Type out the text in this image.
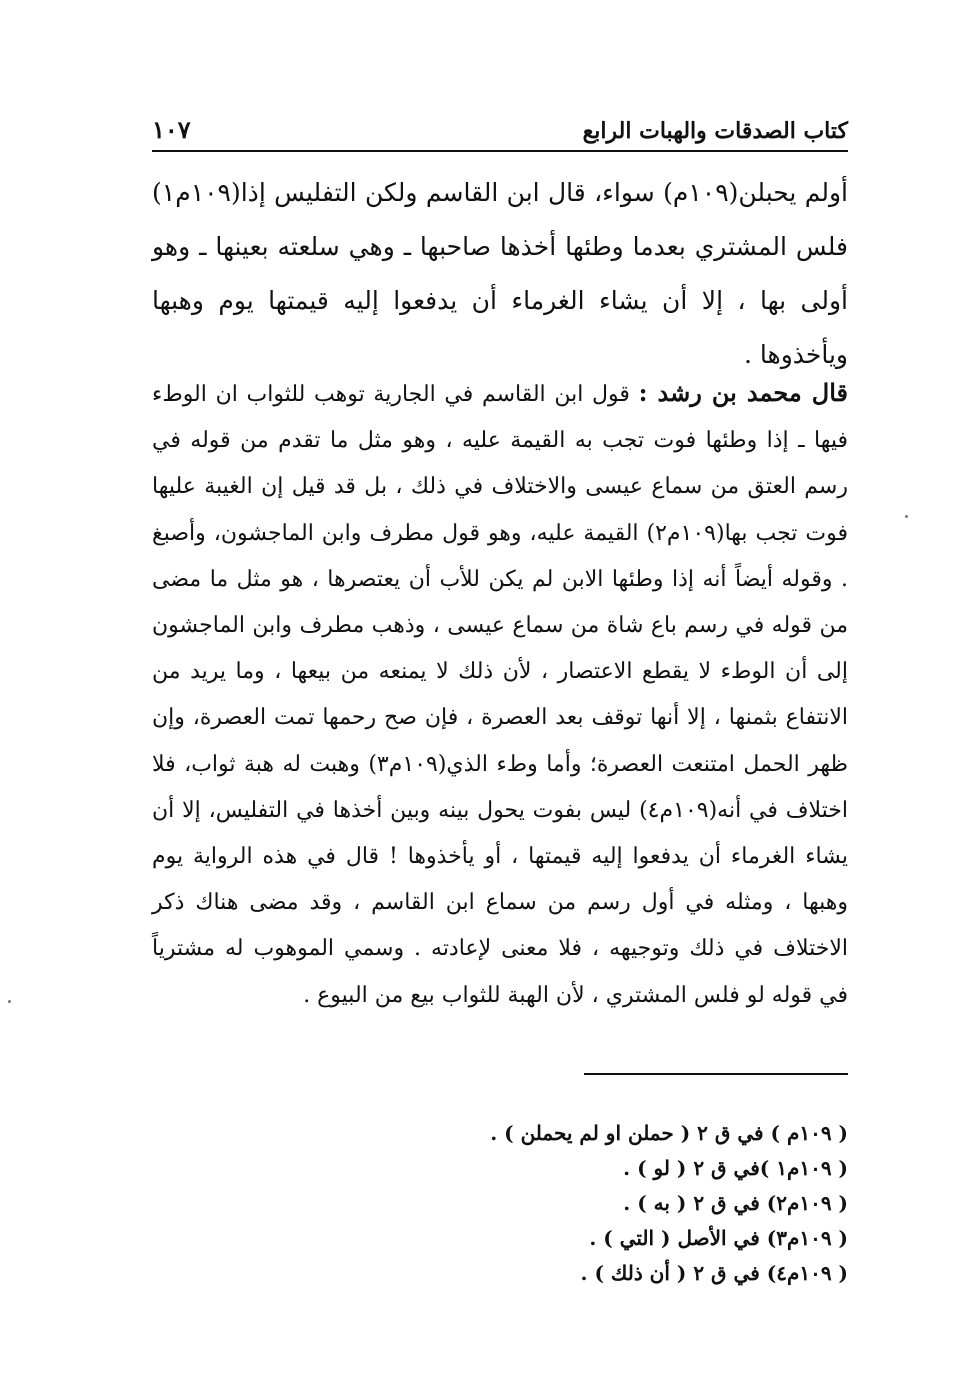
كتاب الصدقات والهبات الرابع
١٠٧
أولم يحبلن(١٠٩م) سواء، قال ابن القاسم ولكن التفليس إذا(١٠٩م١) فلس المشتري بعدما وطئها أخذها صاحبها ـ وهي سلعته بعينها ـ وهو أولى بها ، إلا أن يشاء الغرماء أن يدفعوا إليه قيمتها يوم وهبها ويأخذوها .
قال محمد بن رشد : قول ابن القاسم في الجارية توهب للثواب ان الوطء فيها ـ إذا وطئها فوت تجب به القيمة عليه ، وهو مثل ما تقدم من قوله في رسم العتق من سماع عيسى والاختلاف في ذلك ، بل قد قيل إن الغيبة عليها فوت تجب بها(١٠٩م٢) القيمة عليه، وهو قول مطرف وابن الماجشون، وأصبغ . وقوله أيضاً أنه إذا وطئها الابن لم يكن للأب أن يعتصرها ، هو مثل ما مضى من قوله في رسم باع شاة من سماع عيسى ، وذهب مطرف وابن الماجشون إلى أن الوطء لا يقطع الاعتصار ، لأن ذلك لا يمنعه من بيعها ، وما يريد من الانتفاع بثمنها ، إلا أنها توقف بعد العصرة ، فإن صح رحمها تمت العصرة، وإن ظهر الحمل امتنعت العصرة؛ وأما وطء الذي(١٠٩م٣) وهبت له هبة ثواب، فلا اختلاف في أنه(١٠٩م٤) ليس بفوت يحول بينه وبين أخذها في التفليس، إلا أن يشاء الغرماء أن يدفعوا إليه قيمتها ، أو يأخذوها ! قال في هذه الرواية يوم وهبها ، ومثله في أول رسم من سماع ابن القاسم ، وقد مضى هناك ذكر الاختلاف في ذلك وتوجيهه ، فلا معنى لإعادته . وسمي الموهوب له مشترياً في قوله لو فلس المشتري ، لأن الهبة للثواب بيع من البيوع .
( ١٠٩م ) في ق ٢ ( حملن او لم يحملن ) .
( ١٠٩م١ )في ق ٢ ( لو ) .
( ١٠٩م٢) في ق ٢ ( به ) .
( ١٠٩م٣) في الأصل ( التي ) .
( ١٠٩م٤) في ق ٢ ( أن ذلك ) .
